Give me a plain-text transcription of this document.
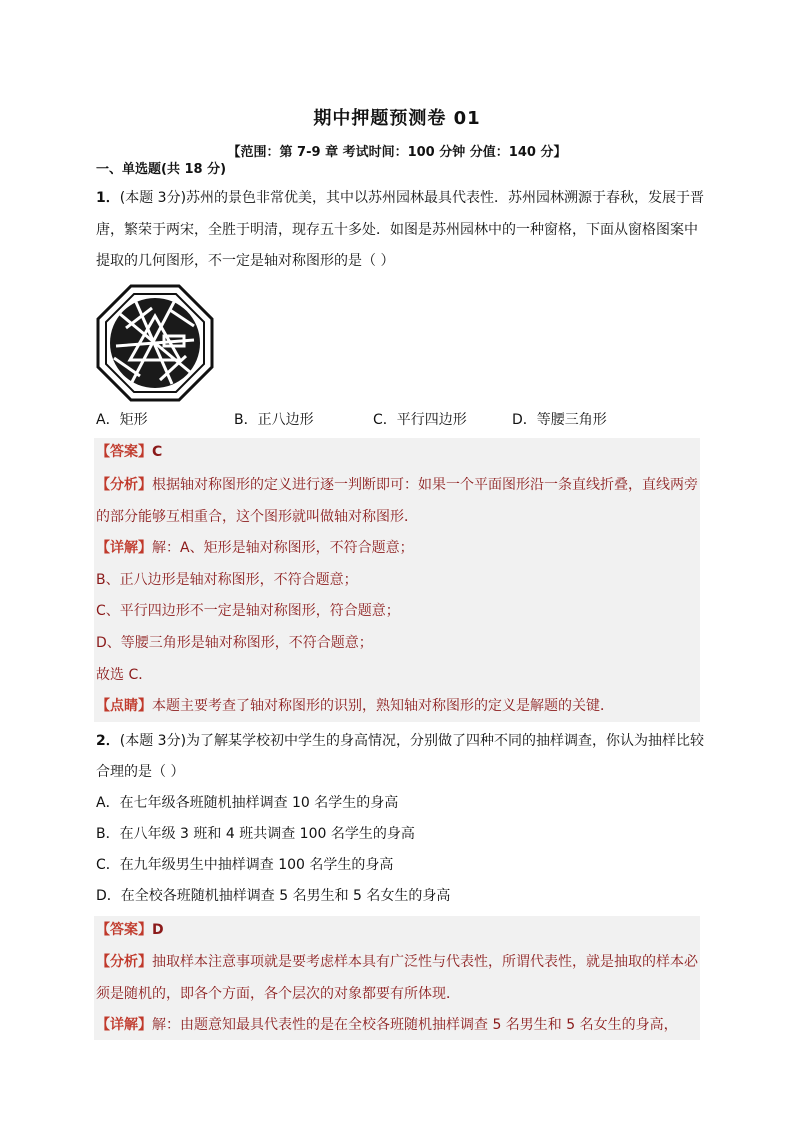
期中押题预测卷 01
【范围：第 7-9 章 考试时间：100 分钟 分值：140 分】
一、单选题(共 18 分)
1．(本题 3分)苏州的景色非常优美，其中以苏州园林最具代表性．苏州园林溯源于春秋，发展于晋
唐，繁荣于两宋，全胜于明清，现存五十多处．如图是苏州园林中的一种窗格，下面从窗格图案中
提取的几何图形，不一定是轴对称图形的是（ ）
A．矩形	B．正八边形	C．平行四边形	D．等腰三角形
【答案】C
【分析】根据轴对称图形的定义进行逐一判断即可：如果一个平面图形沿一条直线折叠，直线两旁
的部分能够互相重合，这个图形就叫做轴对称图形．
【详解】解：A、矩形是轴对称图形，不符合题意；
B、正八边形是轴对称图形，不符合题意；
C、平行四边形不一定是轴对称图形，符合题意；
D、等腰三角形是轴对称图形，不符合题意；
故选 C．
【点睛】本题主要考查了轴对称图形的识别，熟知轴对称图形的定义是解题的关键．
2．(本题 3分)为了解某学校初中学生的身高情况，分别做了四种不同的抽样调查，你认为抽样比较
合理的是（ ）
A．在七年级各班随机抽样调查 10 名学生的身高
B．在八年级 3 班和 4 班共调查 100 名学生的身高
C．在九年级男生中抽样调查 100 名学生的身高
D．在全校各班随机抽样调查 5 名男生和 5 名女生的身高
【答案】D
【分析】抽取样本注意事项就是要考虑样本具有广泛性与代表性，所谓代表性，就是抽取的样本必
须是随机的，即各个方面，各个层次的对象都要有所体现．
【详解】解：由题意知最具代表性的是在全校各班随机抽样调查 5 名男生和 5 名女生的身高，
